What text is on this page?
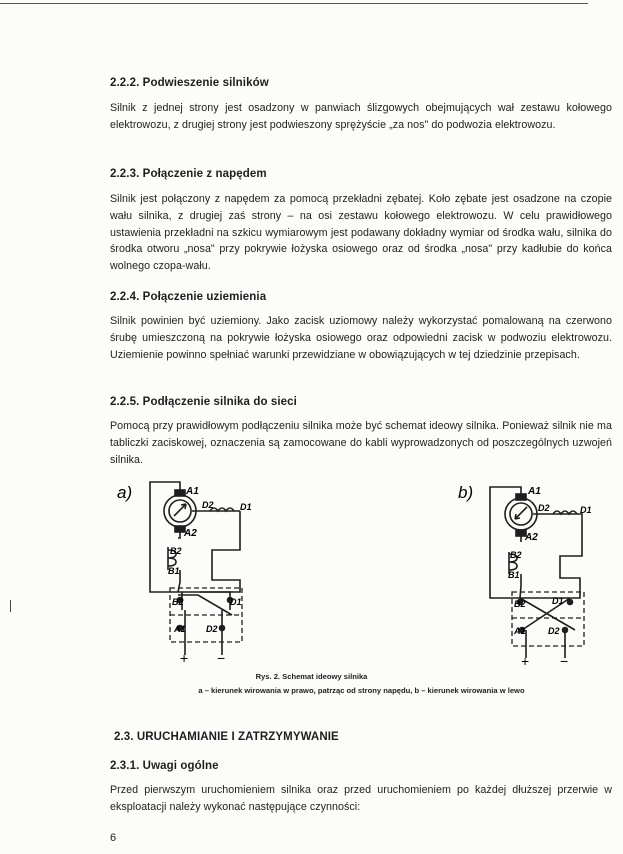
2.2.2. Podwieszenie silników

Silnik z jednej strony jest osadzony w panwiach ślizgowych obejmujących wał zestawu kołowego elektrowozu, z drugiej strony jest podwieszony sprężyście „za nos" do podwozia elektrowozu.

2.2.3. Połączenie z napędem

Silnik jest połączony z napędem za pomocą przekładni zębatej. Koło zębate jest osadzone na czopie wału silnika, z drugiej zaś strony – na osi zestawu kołowego elektrowozu. W celu prawidłowego ustawienia przekładni na szkicu wymiarowym jest podawany dokładny wymiar od środka wału, silnika do środka otworu „nosa" przy pokrywie łożyska osiowego oraz od środka „nosa" przy kadłubie do końca wolnego czopa-wału.

2.2.4. Połączenie uziemienia

Silnik powinien być uziemiony. Jako zacisk uziomowy należy wykorzystać pomalowaną na czerwono śrubę umieszczoną na pokrywie łożyska osiowego oraz odpowiedni zacisk w podwoziu elektrowozu. Uziemienie powinno spełniać warunki przewidziane w obowiązujących w tej dziedzinie przepisach.

2.2.5. Podłączenie silnika do sieci

Pomocą przy prawidłowym podłączeniu silnika może być schemat ideowy silnika. Ponieważ silnik nie ma tabliczki zaciskowej, oznaczenia są zamocowane do kabli wyprowadzonych od poszczególnych uzwojeń silnika.

a)	A1
A2
D2	D1
B2
B1
B2	D1
A1 D2
+ −
b)	A1
A2
D2	D1
B2
B1
B2	D1
A1 D2
+ −
Rys. 2. Schemat ideowy silnika
a – kierunek wirowania w prawo, patrząc od strony napędu, b – kierunek wirowania w lewo
2.3. URUCHAMIANIE I ZATRZYMYWANIE
2.3.1. Uwagi ogólne

Przed pierwszym uruchomieniem silnika oraz przed uruchomieniem po każdej dłuższej przerwie w eksploatacji należy wykonać następujące czynności:

6
